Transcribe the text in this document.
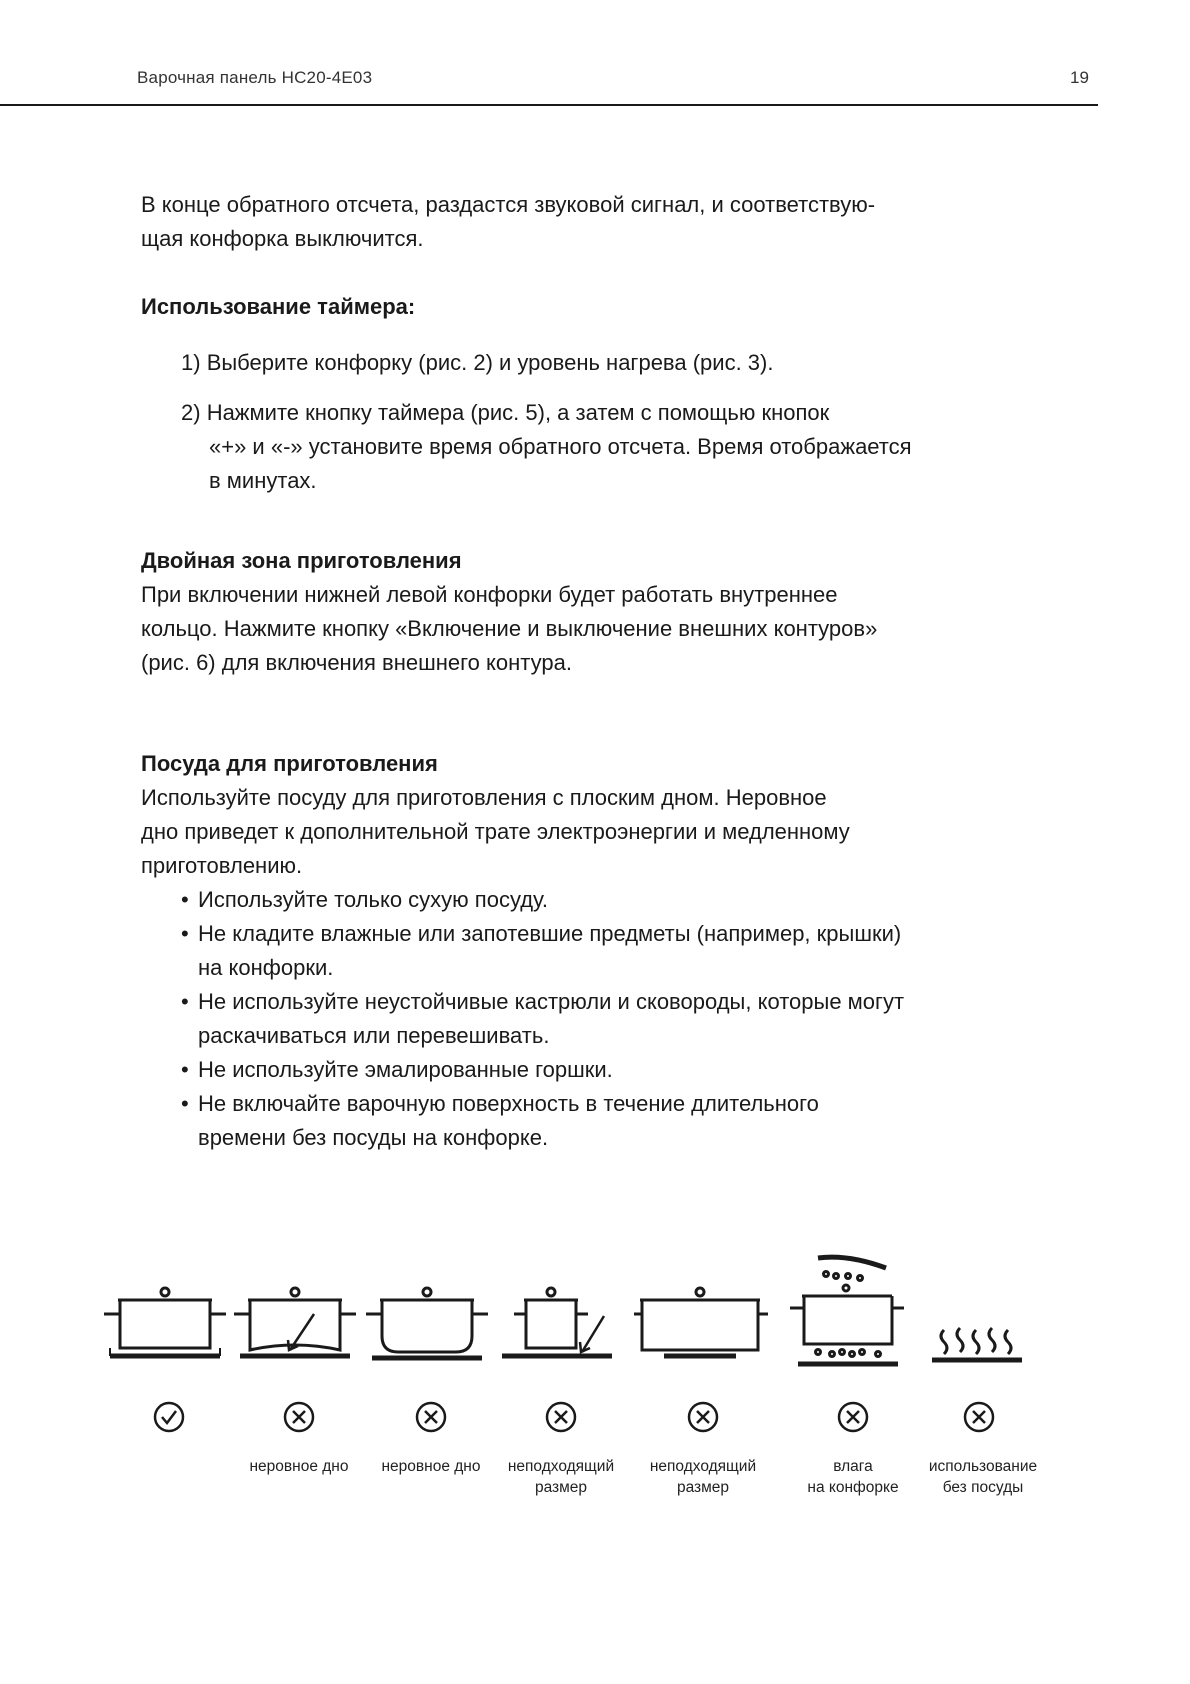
Варочная панель HC20-4E03	19

В конце обратного отсчета, раздастся звуковой сигнал, и соответствую-
щая конфорка выключится.

Использование таймера:

1) Выберите конфорку (рис. 2) и уровень нагрева (рис. 3).
2) Нажмите кнопку таймера (рис. 5), а затем с помощью кнопок
«+» и «-» установите время обратного отсчета. Время отображается
в минутах.

Двойная зона приготовления

При включении нижней левой конфорки будет работать внутреннее
кольцо. Нажмите кнопку «Включение и выключение внешних контуров»
(рис. 6) для включения внешнего контура.

Посуда для приготовления

Используйте посуду для приготовления с плоским дном. Неровное
дно приведет к дополнительной трате электроэнергии и медленному
приготовлению.

• Используйте только сухую посуду.
• Не кладите влажные или запотевшие предметы (например, крышки)
на конфорки.
• Не используйте неустойчивые кастрюли и сковороды, которые могут
раскачиваться или перевешивать.
• Не используйте эмалированные горшки.
• Не включайте варочную поверхность в течение длительного
времени без посуды на конфорке.
неровное дно	неровное дно	неподходящий
размер
неподходящий
размер
влага
на конфорке
использование
без посуды
